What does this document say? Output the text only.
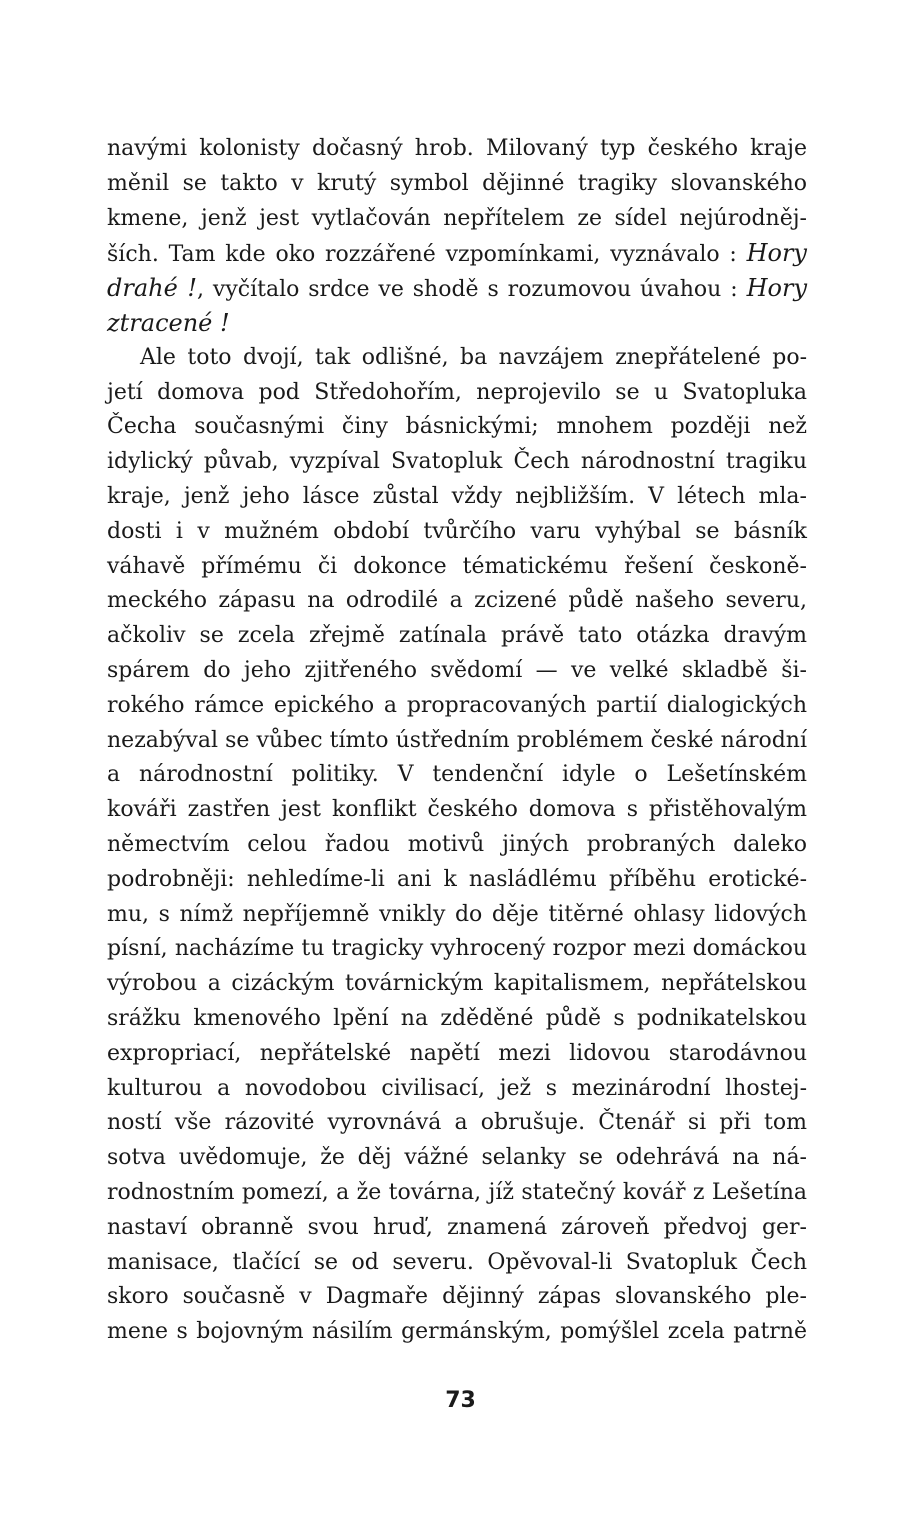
navými kolonisty dočasný hrob. Milovaný typ českého kraje
měnil se takto v krutý symbol dějinné tragiky slovanského
kmene, jenž jest vytlačován nepřítelem ze sídel nejúrodněj-
ších. Tam kde oko rozzářené vzpomínkami, vyznávalo : Hory
drahé !, vyčítalo srdce ve shodě s rozumovou úvahou : Hory
ztracené !
Ale toto dvojí, tak odlišné, ba navzájem znepřátelené po-
jetí domova pod Středohořím, neprojevilo se u Svatopluka
Čecha současnými činy básnickými; mnohem později než
idylický půvab, vyzpíval Svatopluk Čech národnostní tragiku
kraje, jenž jeho lásce zůstal vždy nejbližším. V létech mla-
dosti i v mužném období tvůrčího varu vyhýbal se básník
váhavě přímému či dokonce tématickému řešení českoně-
meckého zápasu na odrodilé a zcizené půdě našeho severu,
ačkoliv se zcela zřejmě zatínala právě tato otázka dravým
spárem do jeho zjitřeného svědomí — ve velké skladbě ši-
rokého rámce epického a propracovaných partií dialogických
nezabýval se vůbec tímto ústředním problémem české národní
a národnostní politiky. V tendenční idyle o Lešetínském
kováři zastřen jest konflikt českého domova s přistěhovalým
němectvím celou řadou motivů jiných probraných daleko
podrobněji: nehledíme-li ani k nasládlému příběhu erotické-
mu, s nímž nepříjemně vnikly do děje titěrné ohlasy lidových
písní, nacházíme tu tragicky vyhrocený rozpor mezi domáckou
výrobou a cizáckým továrnickým kapitalismem, nepřátelskou
srážku kmenového lpění na zděděné půdě s podnikatelskou
expropriací, nepřátelské napětí mezi lidovou starodávnou
kulturou a novodobou civilisací, jež s mezinárodní lhostej-
ností vše rázovité vyrovnává a obrušuje. Čtenář si při tom
sotva uvědomuje, že děj vážné selanky se odehrává na ná-
rodnostním pomezí, a že továrna, jíž statečný kovář z Lešetína
nastaví obranně svou hruď, znamená zároveň předvoj ger-
manisace, tlačící se od severu. Opěvoval-li Svatopluk Čech
skoro současně v Dagmaře dějinný zápas slovanského ple-
mene s bojovným násilím germánským, pomýšlel zcela patrně
73
